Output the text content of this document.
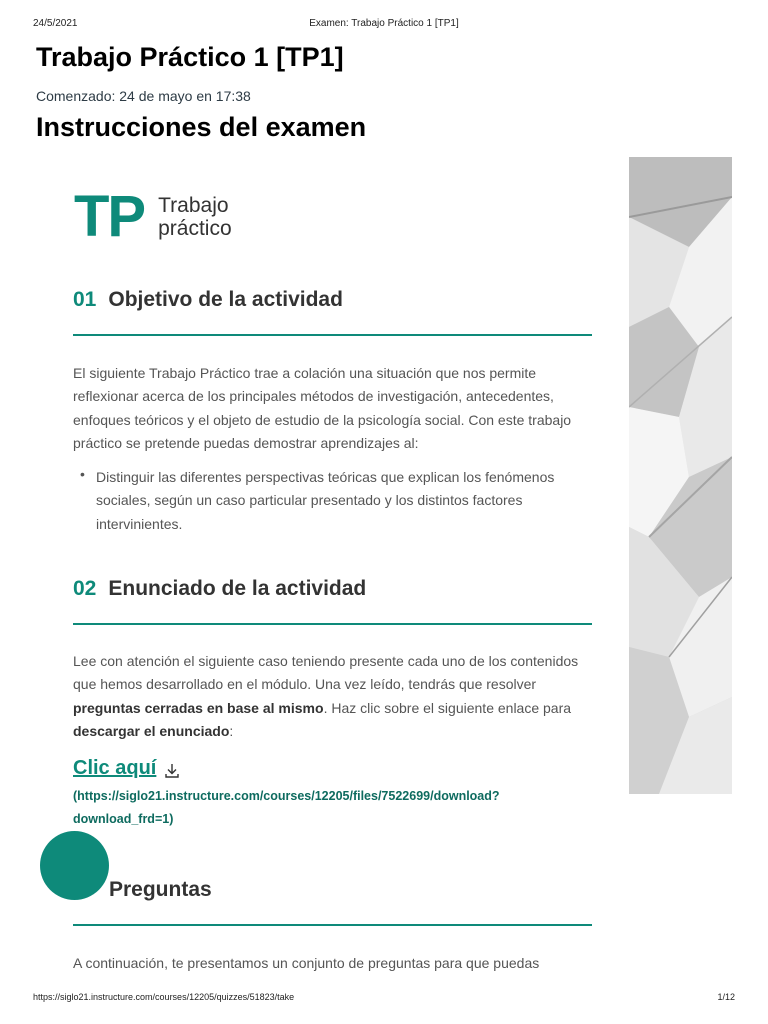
24/5/2021	Examen: Trabajo Práctico 1 [TP1]
Trabajo Práctico 1 [TP1]
Comenzado: 24 de mayo en 17:38
Instrucciones del examen
TP Trabajo
práctico
01 Objetivo de la actividad

El siguiente Trabajo Práctico trae a colación una situación que nos permite reflexionar acerca de los principales métodos de investigación, antecedentes, enfoques teóricos y el objeto de estudio de la psicología social. Con este trabajo práctico se pretende puedas demostrar aprendizajes al:

• Distinguir las diferentes perspectivas teóricas que explican los fenómenos sociales, según un caso particular presentado y los distintos factores intervinientes.
02 Enunciado de la actividad

Lee con atención el siguiente caso teniendo presente cada uno de los contenidos que hemos desarrollado en el módulo. Una vez leído, tendrás que resolver preguntas cerradas en base al mismo. Haz clic sobre el siguiente enlace para descargar el enunciado:

Clic aquí
(https://siglo21.instructure.com/courses/12205/files/7522699/download?
download_frd=1)
Preguntas

A continuación, te presentamos un conjunto de preguntas para que puedas

https://siglo21.instructure.com/courses/12205/quizzes/51823/take	1/12
